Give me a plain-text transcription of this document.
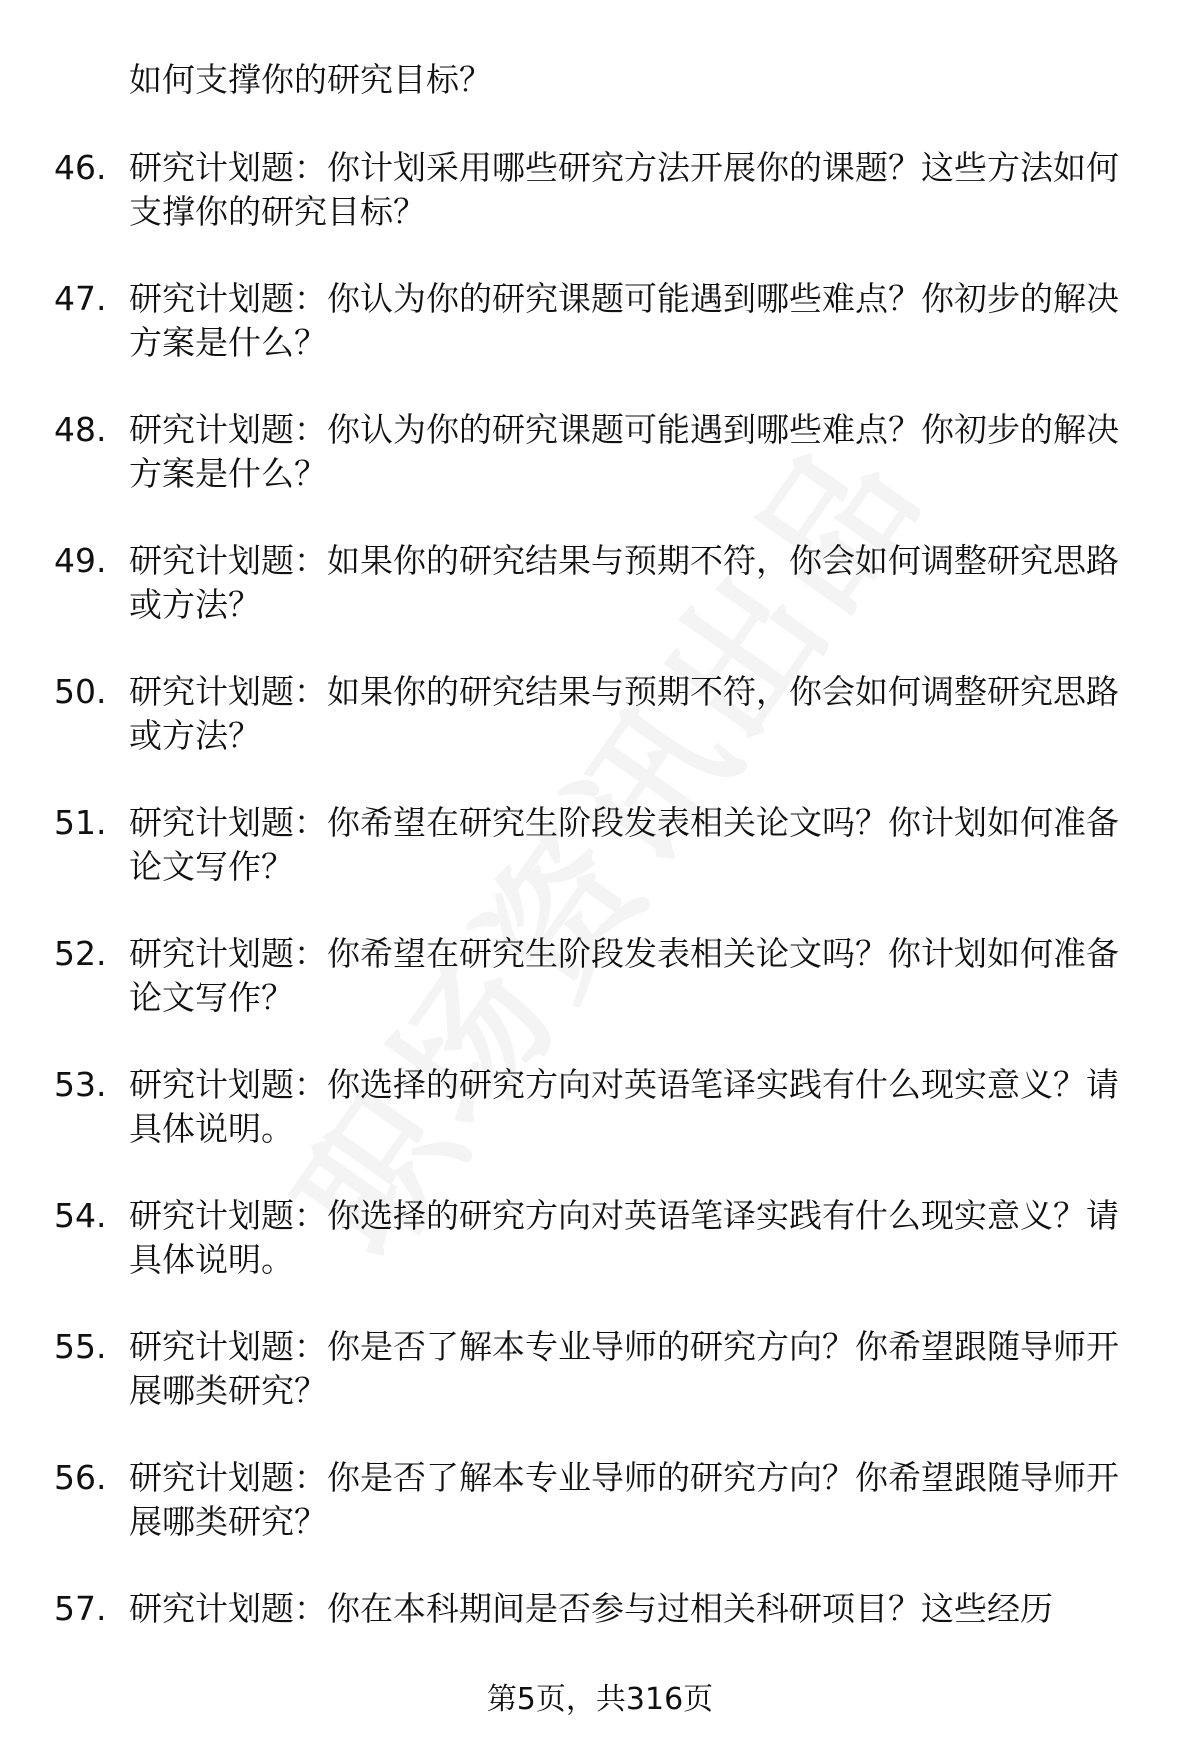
如何支撑你的研究目标？
46. 研究计划题：你计划采用哪些研究方法开展你的课题？这些方法如何支撑你的研究目标？
47. 研究计划题：你认为你的研究课题可能遇到哪些难点？你初步的解决方案是什么？
48. 研究计划题：你认为你的研究课题可能遇到哪些难点？你初步的解决方案是什么？
49. 研究计划题：如果你的研究结果与预期不符，你会如何调整研究思路或方法？
50. 研究计划题：如果你的研究结果与预期不符，你会如何调整研究思路或方法？
51. 研究计划题：你希望在研究生阶段发表相关论文吗？你计划如何准备论文写作？
52. 研究计划题：你希望在研究生阶段发表相关论文吗？你计划如何准备论文写作？
53. 研究计划题：你选择的研究方向对英语笔译实践有什么现实意义？请具体说明。
54. 研究计划题：你选择的研究方向对英语笔译实践有什么现实意义？请具体说明。
55. 研究计划题：你是否了解本专业导师的研究方向？你希望跟随导师开展哪类研究？
56. 研究计划题：你是否了解本专业导师的研究方向？你希望跟随导师开展哪类研究？
57. 研究计划题：你在本科期间是否参与过相关科研项目？这些经历
第5页，共316页
